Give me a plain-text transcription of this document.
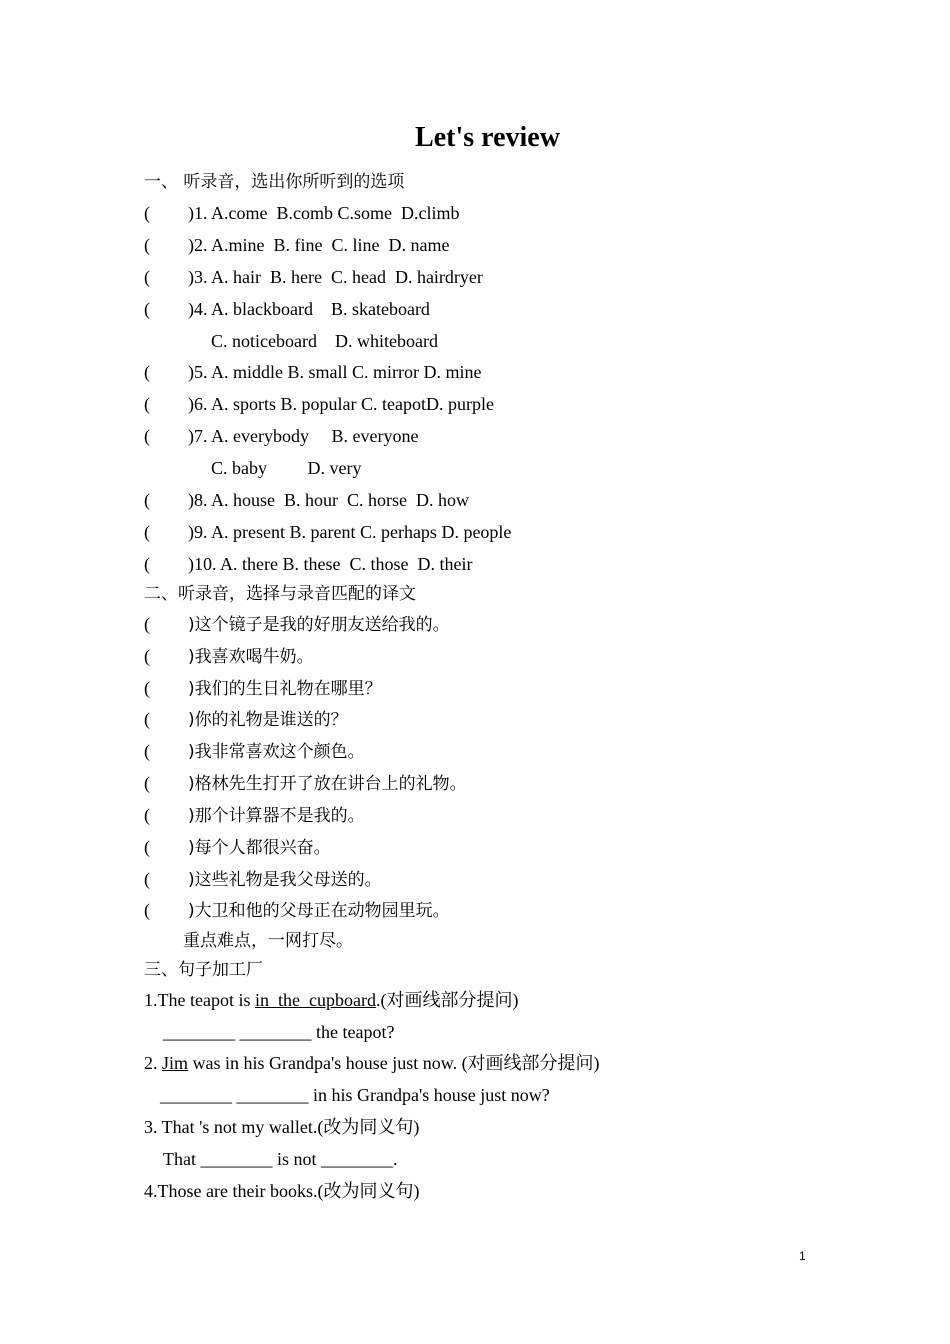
Let's review
一、 听录音，选出你所听到的选项
( )1. A.come  B.comb C.some  D.climb
( )2. A.mine  B. fine  C. line  D. name
( )3. A. hair  B. here  C. head  D. hairdryer
( )4. A. blackboard    B. skateboard
C. noticeboard    D. whiteboard
( )5. A. middle B. small C. mirror D. mine
( )6. A. sports B. popular C. teapotD. purple
( )7. A. everybody     B. everyone
C. baby         D. very
( )8. A. house  B. hour  C. horse  D. how
( )9. A. present B. parent C. perhaps D. people
( )10. A. there B. these  C. those  D. their
二、听录音，选择与录音匹配的译文
( )这个镜子是我的好朋友送给我的。
( )我喜欢喝牛奶。
( )我们的生日礼物在哪里？
( )你的礼物是谁送的？
( )我非常喜欢这个颜色。
( )格林先生打开了放在讲台上的礼物。
( )那个计算器不是我的。
( )每个人都很兴奋。
( )这些礼物是我父母送的。
( )大卫和他的父母正在动物园里玩。
重点难点，一网打尽。
三、句子加工厂
1.The teapot is in  the  cupboard.(对画线部分提问)
________ ________ the teapot?
2. Jim was in his Grandpa's house just now. (对画线部分提问)
________ ________ in his Grandpa's house just now?
3. That 's not my wallet.(改为同义句)
That ________ is not ________.
4.Those are their books.(改为同义句)
1
